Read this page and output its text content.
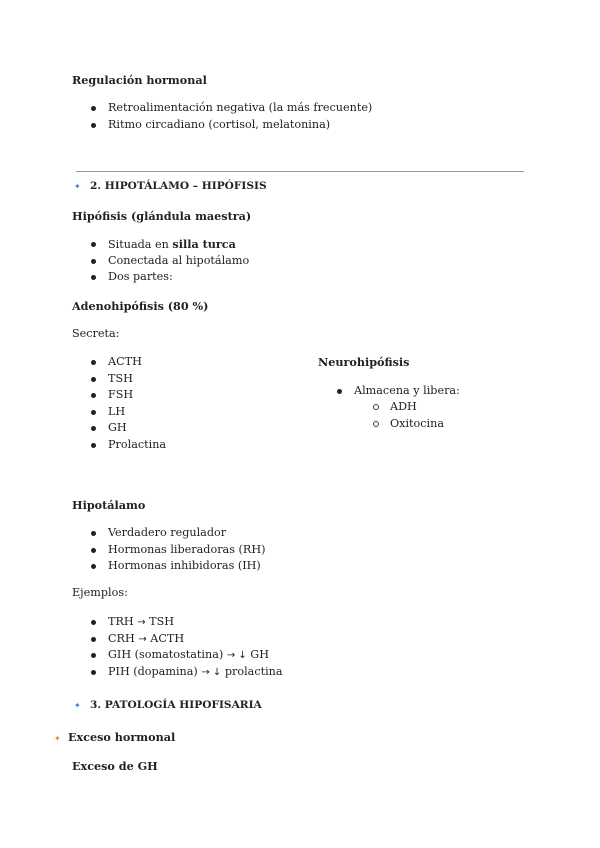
Regulación hormonal
Retroalimentación negativa (la más frecuente)
Ritmo circadiano (cortisol, melatonina)
✦ 2. HIPOTÁLAMO – HIPÓFISIS
Hipófisis (glándula maestra)
Situada en silla turca
Conectada al hipotálamo
Dos partes:
Adenohipófisis (80 %)
Secreta:
ACTH
TSH
FSH
LH
GH
Prolactina
Neurohipófisis
Almacena y libera:
ADH
Oxitocina
Hipotálamo
Verdadero regulador
Hormonas liberadoras (RH)
Hormonas inhibidoras (IH)
Ejemplos:
TRH → TSH
CRH → ACTH
GIH (somatostatina) → ↓ GH
PIH (dopamina) → ↓ prolactina
✦ 3. PATOLOGÍA HIPOFISARIA
✦ Exceso hormonal
Exceso de GH
